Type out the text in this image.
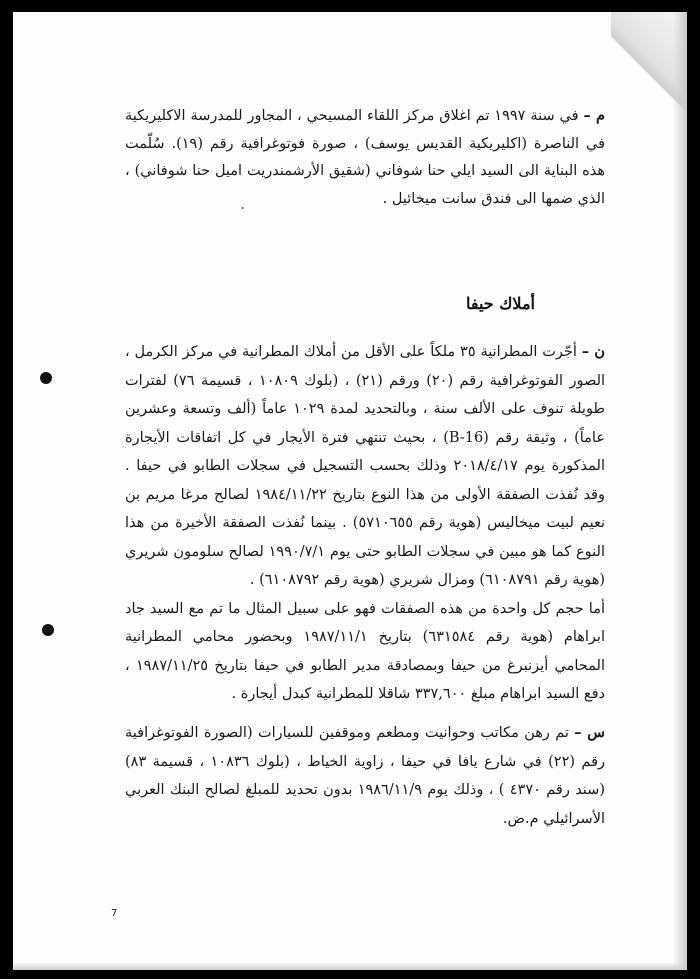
م – في سنة ١٩٩٧ تم اغلاق مركز اللقاء المسيحي ، المجاور للمدرسة الاكليريكية في الناصرة (اكليريكية القديس يوسف) ، صورة فوتوغرافية رقم (١٩). سُلّمت هذه البناية الى السيد ايلي حنا شوفاني (شقيق الأرشمندريت اميل حنا شوفاني) ، الذي ضمها الى فندق سانت ميخائيل .

أملاك حيفا

ن – أجّرت المطرانية ٣٥ ملكاً على الأقل من أملاك المطرانية في مركز الكرمل ، الصور الفوتوغرافية رقم (٢٠) ورقم (٢١) ، (بلوك ١٠٨٠٩ ، قسيمة ٧٦) لفترات طويلة تنوف على الألف سنة ، وبالتحديد لمدة ١٠٢٩ عاماً (ألف وتسعة وعشرين عاماً) ، وثيقة رقم (B-16) ، بحيث تنتهي فترة الأيجار في كل اتفاقات الأيجارة المذكورة يوم ٢٠١٨/٤/١٧ وذلك بحسب التسجيل في سجلات الطابو في حيفا . وقد نُفذت الصفقة الأولى من هذا النوع بتاريخ ١٩٨٤/١١/٢٢ لصالح مرغا مريم بن نعيم لبيت ميخاليس (هوية رقم ٥٧١٠٦٥٥) . بينما نُفذت الصفقة الأخيرة من هذا النوع كما هو مبين في سجلات الطابو حتى يوم ١٩٩٠/٧/١ لصالح سلومون شريري (هوية رقم ٦١٠٨٧٩١) ومزال شريري (هوية رقم ٦١٠٨٧٩٢) .

أما حجم كل واحدة من هذه الصفقات فهو على سبيل المثال ما تم مع السيد جاد ابراهام (هوية رقم ٦٣١٥٨٤) بتاريخ ١٩٨٧/١١/١ وبحضور محامي المطرانية المحامي أيزنبرغ من حيفا وبمصادقة مدير الطابو في حيفا بتاريخ ١٩٨٧/١١/٢٥ ، دفع السيد ابراهام مبلغ ٣٣٧,٦٠٠ شاقلا للمطرانية كبدل أيجارة .

س – تم رهن مكاتب وحوانيت ومطعم وموقفين للسيارات (الصورة الفوتوغرافية رقم (٢٢) في شارع يافا في حيفا ، زاوية الخياط ، (بلوك ١٠٨٣٦ ، قسيمة ٨٣) (سند رقم ٤٣٧٠ ) ، وذلك يوم ١٩٨٦/١١/٩ بدون تحديد للمبلغ لصالح البنك العربي الأسرائيلي م.ض.

7
